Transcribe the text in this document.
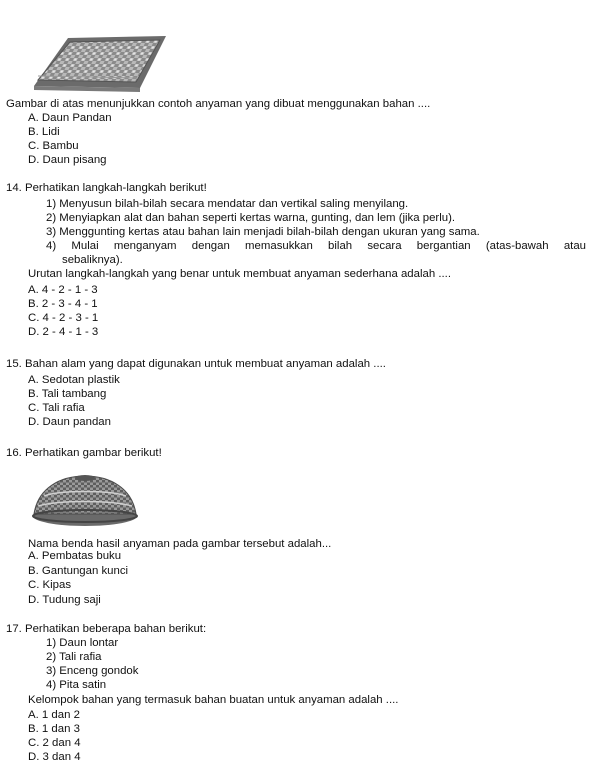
Gambar di atas menunjukkan contoh anyaman yang dibuat menggunakan bahan ....
A. Daun Pandan
B. Lidi
C. Bambu
D. Daun pisang
14. Perhatikan langkah-langkah berikut!
1) Menyusun bilah-bilah secara mendatar dan vertikal saling menyilang.
2) Menyiapkan alat dan bahan seperti kertas warna, gunting, dan lem (jika perlu).
3) Menggunting kertas atau bahan lain menjadi bilah-bilah dengan ukuran yang sama.
4) Mulai menganyam dengan memasukkan bilah secara bergantian (atas-bawah atau
sebaliknya).
Urutan langkah-langkah yang benar untuk membuat anyaman sederhana adalah ....
A. 4 - 2 - 1 - 3
B. 2 - 3 - 4 - 1
C. 4 - 2 - 3 - 1
D. 2 - 4 - 1 - 3
15. Bahan alam yang dapat digunakan untuk membuat anyaman adalah ....
A. Sedotan plastik
B. Tali tambang
C. Tali rafia
D. Daun pandan
16. Perhatikan gambar berikut!
Nama benda hasil anyaman pada gambar tersebut adalah...
A. Pembatas buku
B. Gantungan kunci
C. Kipas
D. Tudung saji
17. Perhatikan beberapa bahan berikut:
1) Daun lontar
2) Tali rafia
3) Enceng gondok
4) Pita satin
Kelompok bahan yang termasuk bahan buatan untuk anyaman adalah ....
A. 1 dan 2
B. 1 dan 3
C. 2 dan 4
D. 3 dan 4
